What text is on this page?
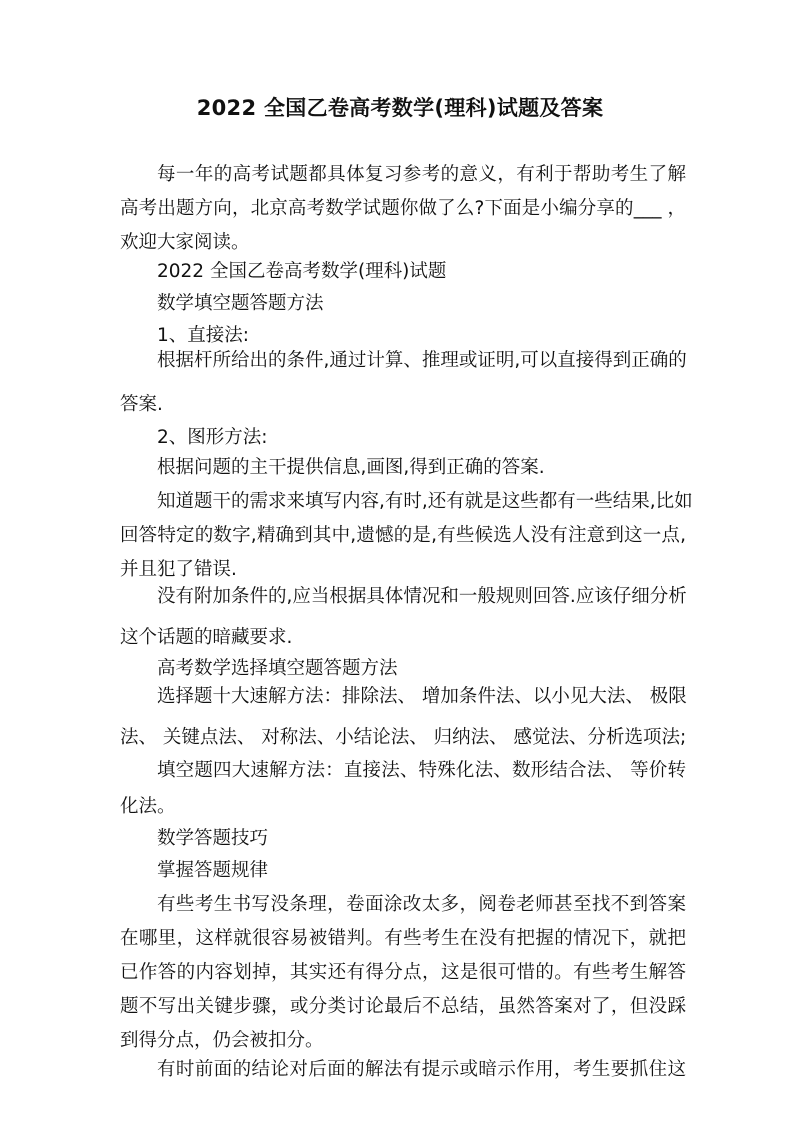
2022 全国乙卷高考数学(理科)试题及答案
每一年的高考试题都具体复习参考的意义，有利于帮助考生了解
高考出题方向，北京高考数学试题你做了么?下面是小编分享的___ ，
欢迎大家阅读。
2022 全国乙卷高考数学(理科)试题
数学填空题答题方法
1、直接法:
根据杆所给出的条件,通过计算、推理或证明,可以直接得到正确的
答案.
2、图形方法:
根据问题的主干提供信息,画图,得到正确的答案.
知道题干的需求来填写内容,有时,还有就是这些都有一些结果,比如
回答特定的数字,精确到其中,遗憾的是,有些候选人没有注意到这一点,
并且犯了错误.
没有附加条件的,应当根据具体情况和一般规则回答.应该仔细分析
这个话题的暗藏要求.
高考数学选择填空题答题方法
选择题十大速解方法：排除法、 增加条件法、以小见大法、 极限
法、 关键点法、 对称法、小结论法、 归纳法、 感觉法、分析选项法;
填空题四大速解方法：直接法、特殊化法、数形结合法、 等价转
化法。
数学答题技巧
掌握答题规律
有些考生书写没条理，卷面涂改太多，阅卷老师甚至找不到答案
在哪里，这样就很容易被错判。有些考生在没有把握的情况下，就把
已作答的内容划掉，其实还有得分点，这是很可惜的。有些考生解答
题不写出关键步骤，或分类讨论最后不总结，虽然答案对了，但没踩
到得分点，仍会被扣分。
有时前面的结论对后面的解法有提示或暗示作用，考生要抓住这
